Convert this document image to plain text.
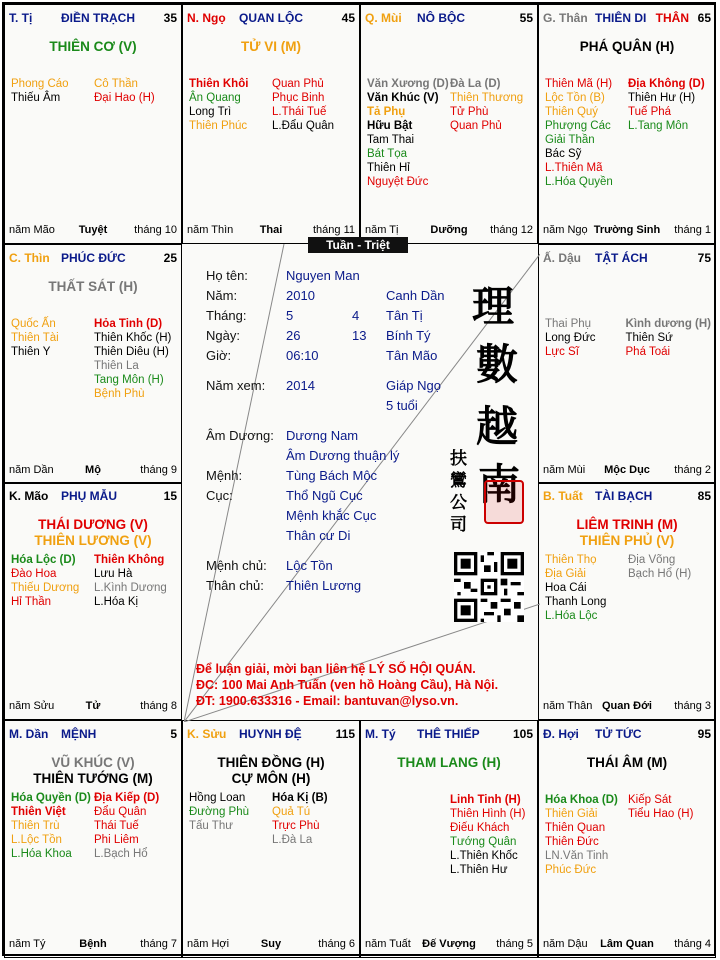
T. Tị ĐIỀN TRẠCH 35
THIÊN CƠ (V)
Phong Cáo
Thiếu Âm
Cô Thần
Đại Hao (H)
năm Mão	Tuyệt	tháng 10
N. Ngọ QUAN LỘC	45
TỬ VI (M)
Thiên Khôi
Ân Quang
Long Trì
Thiên Phúc
Quan Phủ
Phục Binh
L.Thái Tuế
L.Đẩu Quân
năm Thìn	Thai	tháng 11
Q. Mùi NÔ BỘC	55
Văn Xương (D)
Văn Khúc (V)
Tả Phụ
Hữu Bật
Tam Thai
Bát Tọa
Thiên Hỉ
Nguyệt Đức
Đà La (D)
Thiên Thương
Tử Phù
Quan Phủ
năm Tị	Dưỡng	tháng 12
G. Thân THIÊN DI THÂN 65
PHÁ QUÂN (H)
Thiên Mã (H)
Lộc Tồn (B)
Thiên Quý
Phượng Các
Giải Thần
Bác Sỹ
L.Thiên Mã
L.Hóa Quyền
Địa Không (D)
Thiên Hư (H)
Tuế Phá
L.Tang Môn
năm Ngọ Trường Sinh	tháng 1
C. Thìn PHÚC ĐỨC	25
THẤT SÁT (H)
Quốc Ấn
Thiên Tài
Thiên Y
Hỏa Tinh (D)
Thiên Khốc (H)
Thiên Diêu (H)
Thiên La
Tang Môn (H)
Bệnh Phù
năm Dần	Mộ	tháng 9
Ấ. Dậu TẬT ÁCH	75
Thai Phụ
Long Đức
Lực Sĩ
Kình dương (H)
Thiên Sứ
Phá Toái
năm Mùi	Mộc Dục	tháng 2
K. Mão PHỤ MẪU	15
THÁI DƯƠNG (V)
THIÊN LƯƠNG (V)
Hóa Lộc (D)
Đào Hoa
Thiếu Dương
Hỉ Thần
Thiên Không
Lưu Hà
L.Kình Dương
L.Hóa Kị
năm Sửu	Tử	tháng 8
B. Tuất TÀI BẠCH	85
LIÊM TRINH (M)
THIÊN PHỦ (V)
Thiên Thọ
Địa Giải
Hoa Cái
Thanh Long
L.Hóa Lộc
Địa Võng
Bạch Hổ (H)
năm Thân Quan Đới	tháng 3
M. Dần MỆNH	5
VŨ KHÚC (V)
THIÊN TƯỚNG (M)
Hóa Quyền (D)
Thiên Việt
Thiên Trù
L.Lộc Tồn
L.Hóa Khoa
Địa Kiếp (D)
Đẩu Quân
Thái Tuế
Phi Liêm
L.Bạch Hổ
năm Tý	Bệnh	tháng 7
K. Sửu HUYNH ĐỆ	115
THIÊN ĐỒNG (H)
CỰ MÔN (H)
Hồng Loan
Đường Phù
Tấu Thư
Hóa Kị (B)
Quả Tú
Trực Phù
L.Đà La
năm Hợi	Suy	tháng 6
M. Tý THÊ THIẾP	105
THAM LANG (H)
Linh Tinh (H)
Thiên Hình (H)
Điếu Khách
Tướng Quân
L.Thiên Khốc
L.Thiên Hư
năm Tuất	Đế Vượng	tháng 5
Đ. Hợi TỬ TỨC	95
THÁI ÂM (M)
Hóa Khoa (D)
Thiên Giải
Thiên Quan
Thiên Đức
LN.Văn Tinh
Phúc Đức
Kiếp Sát
Tiểu Hao (H)
năm Dậu	Lâm Quan	tháng 4
Họ tên:	Nguyen Man
Năm:	2010	Canh Dần
Tháng:	5	4 Tân Tị
Ngày:	26	13 Bính Tý
Giờ:	06:10	Tân Mão
Năm xem: 2014	Giáp Ngọ
5 tuổi
Âm Dương: Dương Nam
Âm Dương thuận lý
Mệnh:	Tùng Bách Mộc
Cục:	Thổ Ngũ Cục
Mệnh khắc Cục
Thân cư Di
Mệnh chủ: Lộc Tồn
Thân chủ: Thiên Lương
理
數
越
南
扶
鸞
公
司
Để luận giải, mời bạn liên hệ LÝ SỐ HỘI QUÁN.
ĐC: 100 Mai Anh Tuấn (ven hồ Hoàng Cầu), Hà Nội.
ĐT: 1900.633316 - Email: bantuvan@lyso.vn.
Tuần - Triệt
